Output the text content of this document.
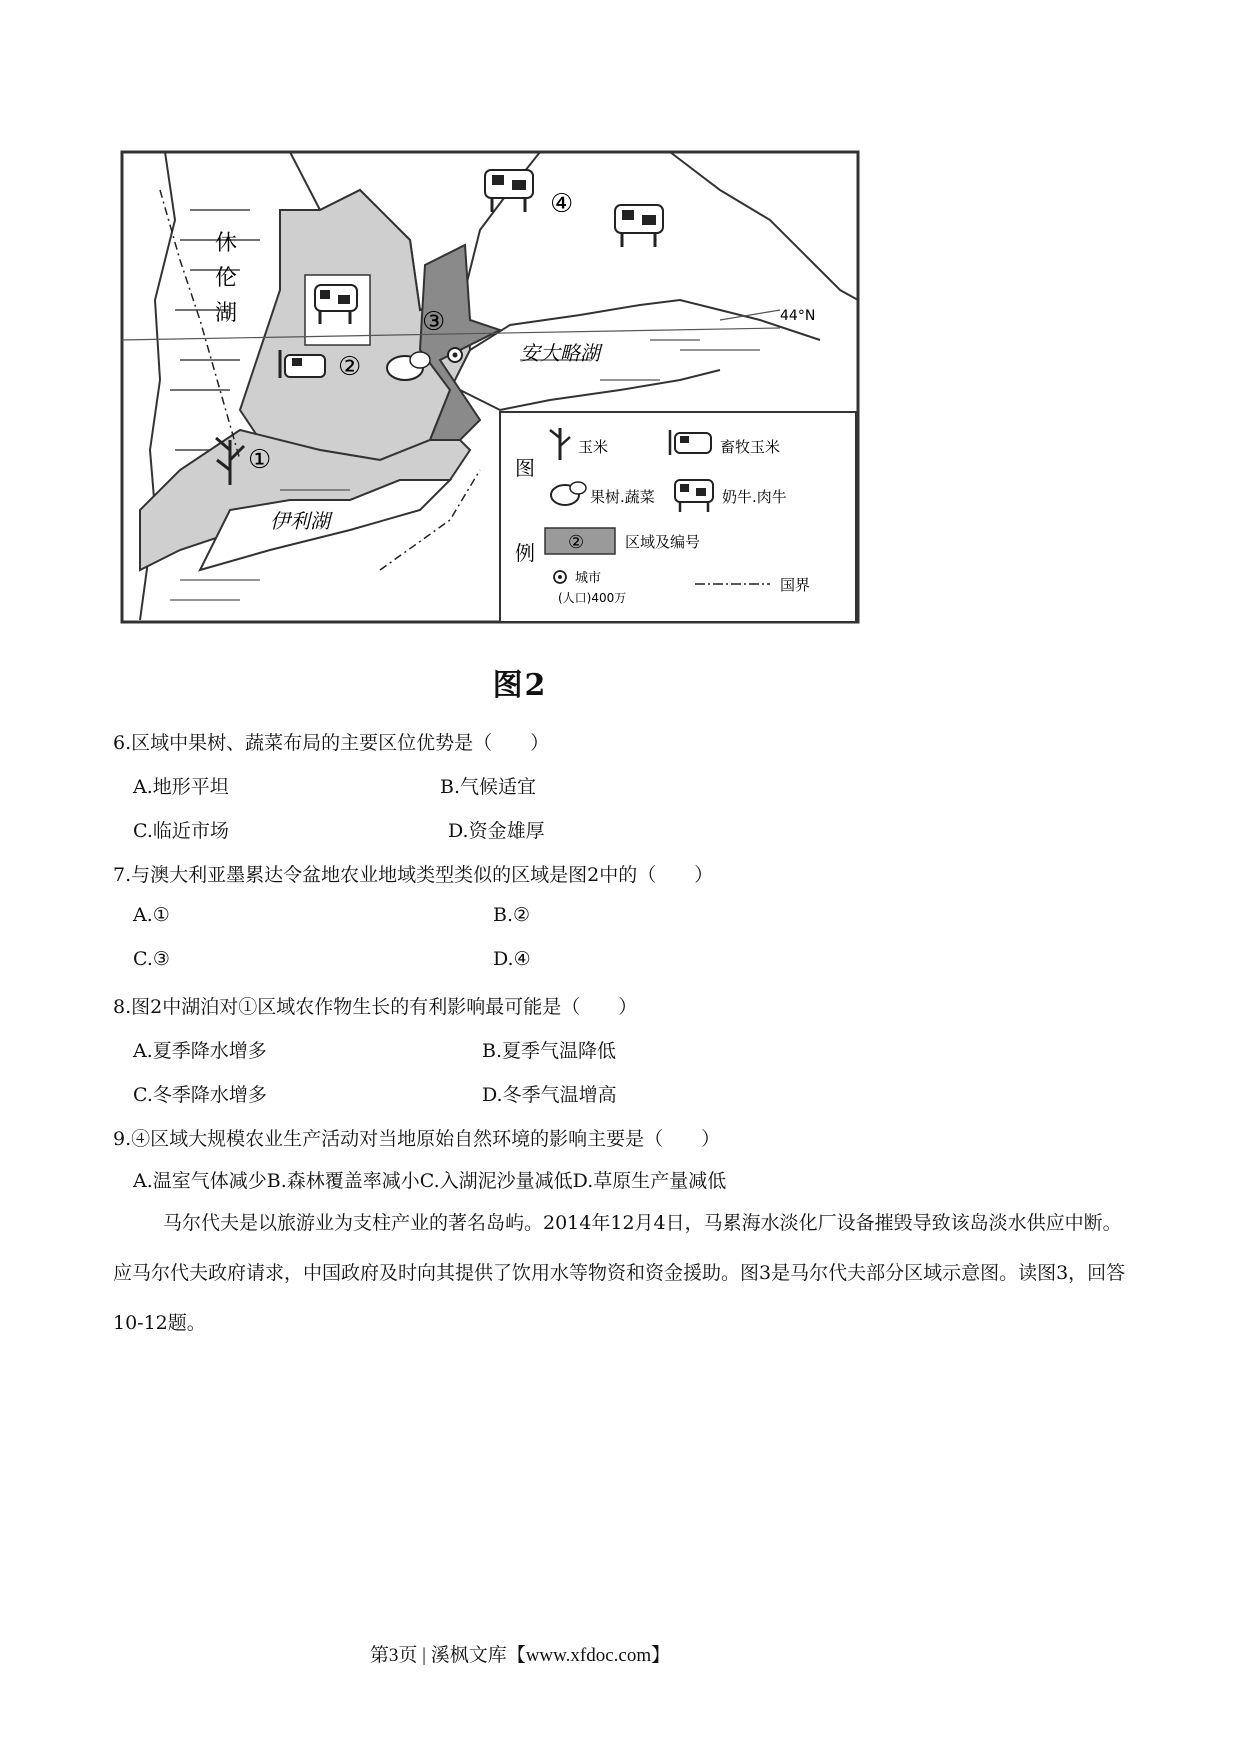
休
伦
湖
安大略湖
伊利湖
44°N
①
②
③
④
图
例
玉米	畜牧玉米
果树.蔬菜	奶牛.肉牛
②	区域及编号
城市
(人口)400万
国界
图2
6.区域中果树、蔬菜布局的主要区位优势是（　　）
A.地形平坦	B.气候适宜
C.临近市场	D.资金雄厚
7.与澳大利亚墨累达令盆地农业地域类型类似的区域是图2中的（　　）
A.①	B.②
C.③	D.④
8.图2中湖泊对①区域农作物生长的有利影响最可能是（　　）
A.夏季降水增多	B.夏季气温降低
C.冬季降水增多	D.冬季气温增高
9.④区域大规模农业生产活动对当地原始自然环境的影响主要是（　　）
A.温室气体减少B.森林覆盖率减小C.入湖泥沙量减低D.草原生产量减低

马尔代夫是以旅游业为支柱产业的著名岛屿。2014年12月4日，马累海水淡化厂设备摧毁导致该岛淡水供应中断。应马尔代夫政府请求，中国政府及时向其提供了饮用水等物资和资金援助。图3是马尔代夫部分区域示意图。读图3，回答10-12题。

第3页 | 溪枫文库【www.xfdoc.com】
